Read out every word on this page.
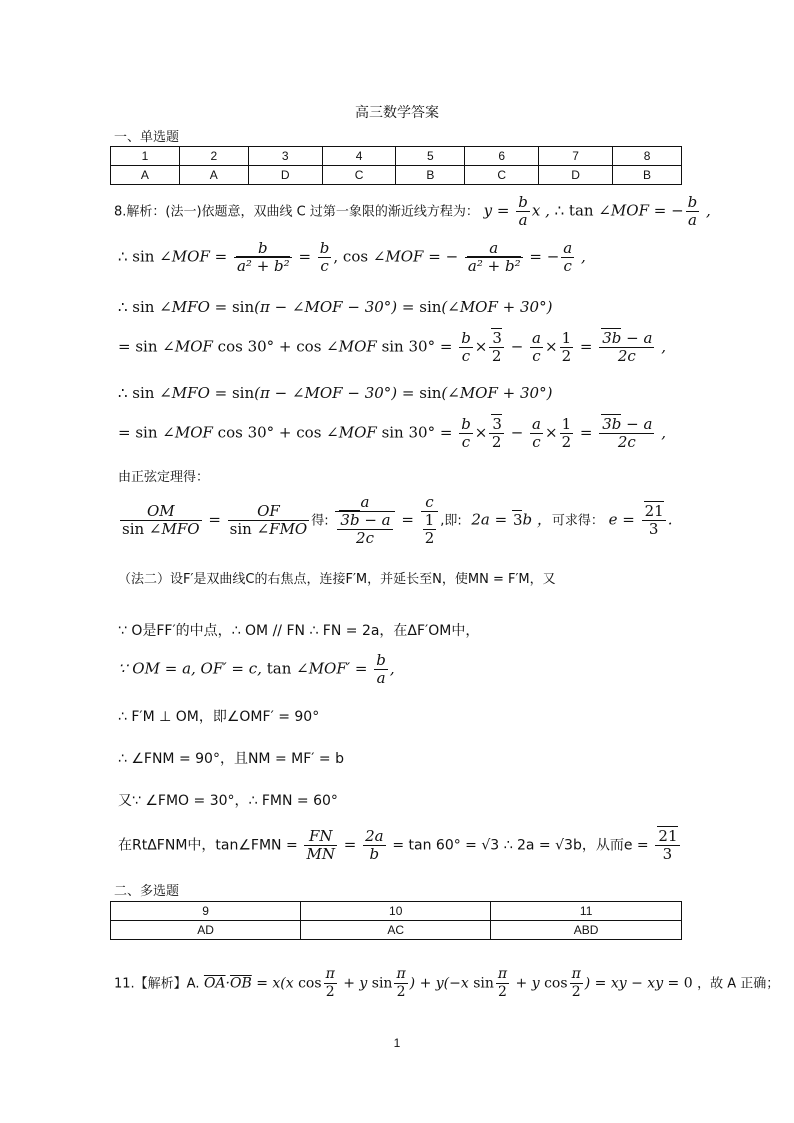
高三数学答案
一、单选题
1	2	3	4	5	6	7	8
A	A	D	C	B	C	D	B
8.解析：(法一)依题意，双曲线 C 过第一象限的渐近线方程为： $y = \frac{b}{a}$ x , ∴ tan ∠MOF = − $\frac{b}{a}$ ,
∴ sin ∠MOF = $\frac{b}{\text{a² + b²}} = \frac{b}{c}$ , cos ∠MOF = − $\frac{a}{\text{a² + b²}}$ = − $\frac{a}{c}$ ,
∴ sin ∠MFO = sin(π − ∠MOF − 30°) = sin(∠MOF + 30°)
= sin ∠MOF cos 30° + cos ∠MOF $\sin 30^\circ = \frac{b}{c} \times \frac{3}{2} - \frac{a}{c} \times \frac{1}{2} = \frac{3b - a}{2c}$ ,
∴ sin ∠MFO = sin(π − ∠MOF − 30°) = sin(∠MOF + 30°)
= sin ∠MOF cos 30° + cos ∠MOF $\sin 30^\circ = \frac{b}{c} \times \frac{3}{2} - \frac{a}{c} \times \frac{1}{2} = \frac{3b - a}{2c}$ ,
由正弦定理得：
$\frac{OM}{\text{sin ∠MFO}} = \frac{OF}{\text{sin ∠FMO}}$ 得: $\frac{a}{\frac{3b - a}{2c}} = \frac{c}{\frac{1}{2}}$ ,即:  2a = 3b ，可求得： $e = \frac{21}{3}$ .
（法二）设F′是双曲线C的右焦点，连接F′M，并延长至N，使MN = F′M，又
∵ O是FF′的中点，∴ OM // FN ∴ FN = 2a，在ΔF′OM中，
∵ OM = a, OF′ = c, tan ∠MOF′ = $\frac{b}{a}$ ,
∴ F′M ⊥ OM，即∠OMF′ = 90°
∴ ∠FNM = 90°，且NM = MF′ = b
又∵ ∠FMO = 30°，∴ FMN = 60°
在RtΔFNM中，tan∠FMN = $\frac{FN}{MN} = \frac{2a}{b} = \tan 60^\circ = √3$ ∴ 2a = √3b，从而$e = \frac{21}{3}$
二、多选题
9	10	11
AD	AC	ABD
11.【解析】A. $\overline{OA}\cdot\overline{OB} = x(x$ $\cos \frac{\pi}{2} + y$ $\sin \frac{\pi}{2}$ ) + y(−x $\sin \frac{\pi}{2} + y$ $\cos \frac{\pi}{2}$ ) = xy − xy = 0 ，故 A 正确；
1
